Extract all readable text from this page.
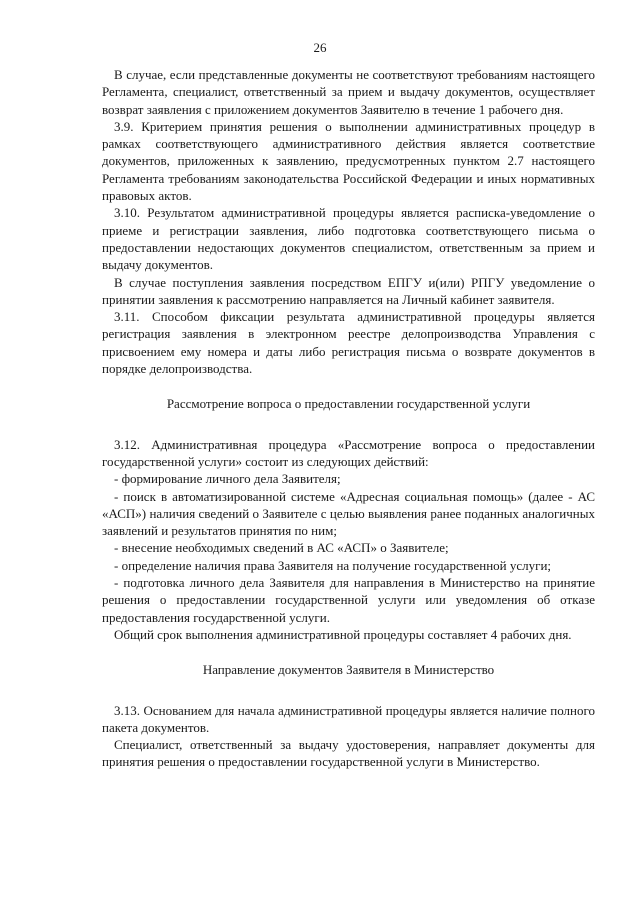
26

В случае, если представленные документы не соответствуют требованиям настоящего Регламента, специалист, ответственный за прием и выдачу документов, осуществляет возврат заявления с приложением документов Заявителю в течение 1 рабочего дня.

3.9. Критерием принятия решения о выполнении административных процедур в рамках соответствующего административного действия является соответствие документов, приложенных к заявлению, предусмотренных пунктом 2.7 настоящего Регламента требованиям законодательства Российской Федерации и иных нормативных правовых актов.

3.10. Результатом административной процедуры является расписка-уведомление о приеме и регистрации заявления, либо подготовка соответствующего письма о предоставлении недостающих документов специалистом, ответственным за прием и выдачу документов.

В случае поступления заявления посредством ЕПГУ и(или) РПГУ уведомление о принятии заявления к рассмотрению направляется на Личный кабинет заявителя.

3.11. Способом фиксации результата административной процедуры является регистрация заявления в электронном реестре делопроизводства Управления с присвоением ему номера и даты либо регистрация письма о возврате документов в порядке делопроизводства.

Рассмотрение вопроса о предоставлении государственной услуги

3.12. Административная процедура «Рассмотрение вопроса о предоставлении государственной услуги» состоит из следующих действий:

- формирование личного дела Заявителя;

- поиск в автоматизированной системе «Адресная социальная помощь» (далее - АС «АСП») наличия сведений о Заявителе с целью выявления ранее поданных аналогичных заявлений и результатов принятия по ним;

- внесение необходимых сведений в АС «АСП» о Заявителе;

- определение наличия права Заявителя на получение государственной услуги;

- подготовка личного дела Заявителя для направления в Министерство на принятие решения о предоставлении государственной услуги или уведомления об отказе предоставления государственной услуги.

Общий срок выполнения административной процедуры составляет 4 рабочих дня.

Направление документов Заявителя в Министерство

3.13. Основанием для начала административной процедуры является наличие полного пакета документов.

Специалист, ответственный за выдачу удостоверения, направляет документы для принятия решения о предоставлении государственной услуги в Министерство.
